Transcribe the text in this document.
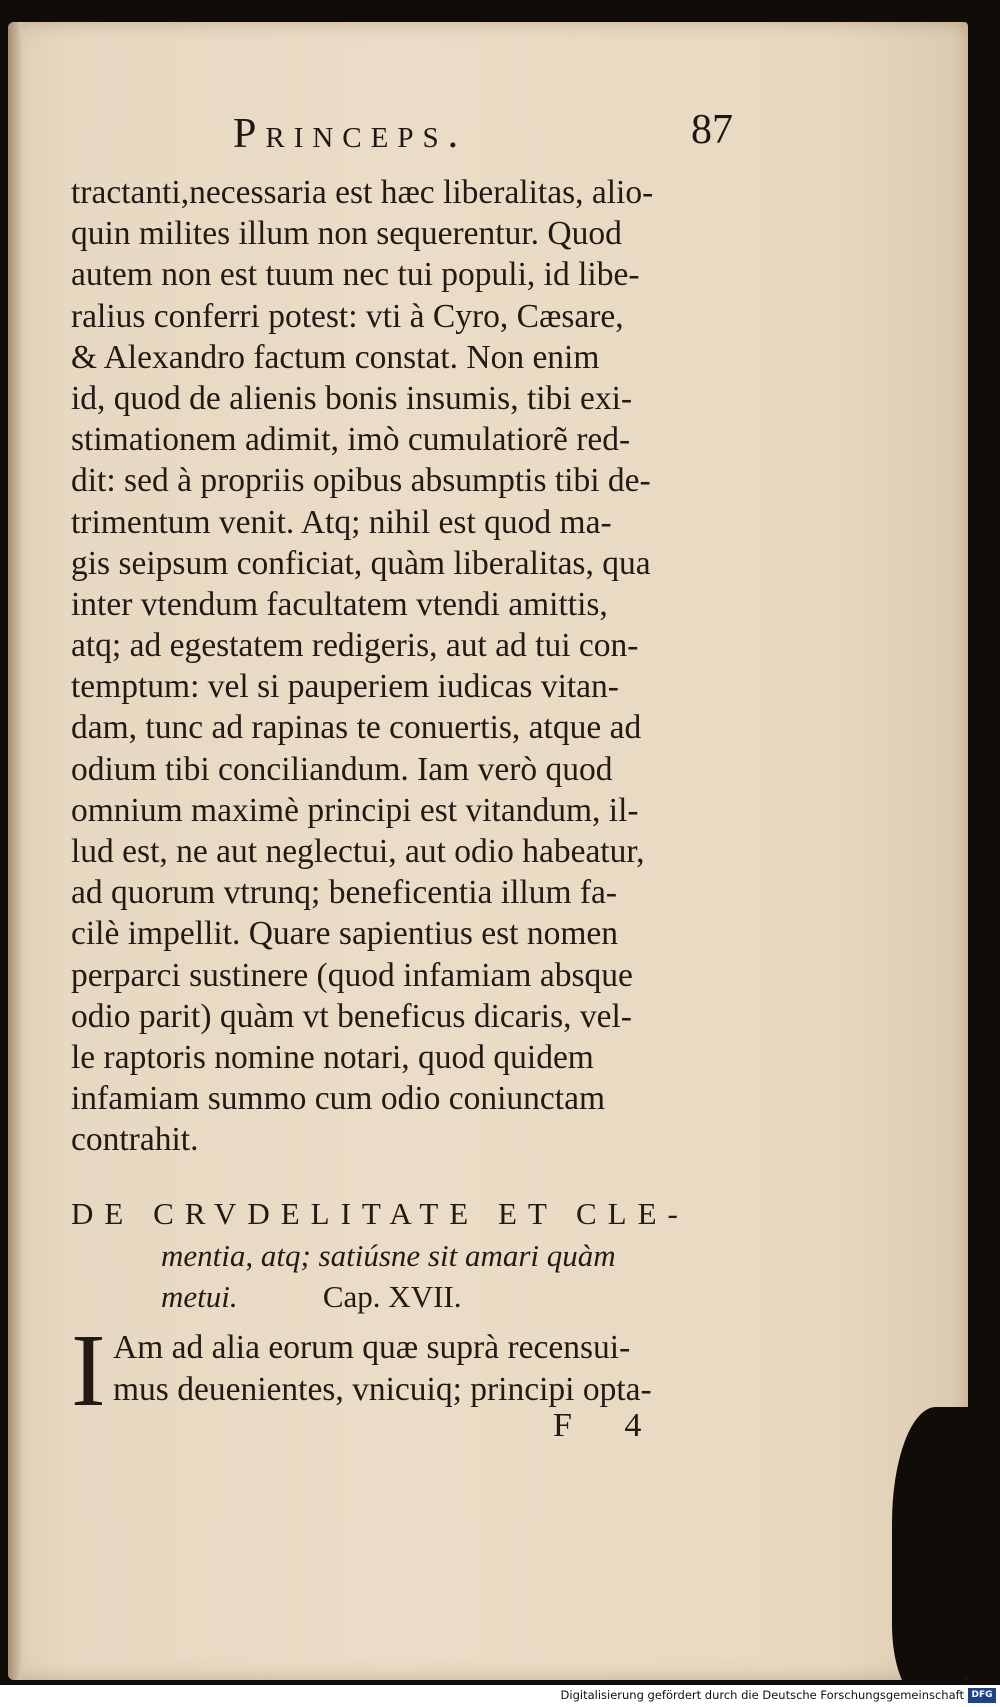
Princeps.	87
tractanti,necessaria est hæc liberalitas, alio-
quin milites illum non sequerentur. Quod
autem non est tuum nec tui populi, id libe-
ralius conferri potest: vti à Cyro, Cæsare,
& Alexandro factum constat. Non enim
id, quod de alienis bonis insumis, tibi exi-
stimationem adimit, imò cumulatiorẽ red-
dit: sed à propriis opibus absumptis tibi de-
trimentum venit. Atq; nihil est quod ma-
gis seipsum conficiat, quàm liberalitas, qua
inter vtendum facultatem vtendi amittis,
atq; ad egestatem redigeris, aut ad tui con-
temptum: vel si pauperiem iudicas vitan-
dam, tunc ad rapinas te conuertis, atque ad
odium tibi conciliandum. Iam verò quod
omnium maximè principi est vitandum, il-
lud est, ne aut neglectui, aut odio habeatur,
ad quorum vtrunq; beneficentia illum fa-
cilè impellit. Quare sapientius est nomen
perparci sustinere (quod infamiam absque
odio parit) quàm vt beneficus dicaris, vel-
le raptoris nomine notari, quod quidem
infamiam summo cum odio coniunctam
contrahit.
DE CRVDELITATE ET CLE-
mentia, atq; satiúsne sit amari quàm
metui.	Cap. XVII.
I Am ad alia eorum quæ suprà recensui-
mus deuenientes, vnicuiq; principi opta-
F 4
Digitalisierung gefördert durch die Deutsche Forschungsgemeinschaft DFG
